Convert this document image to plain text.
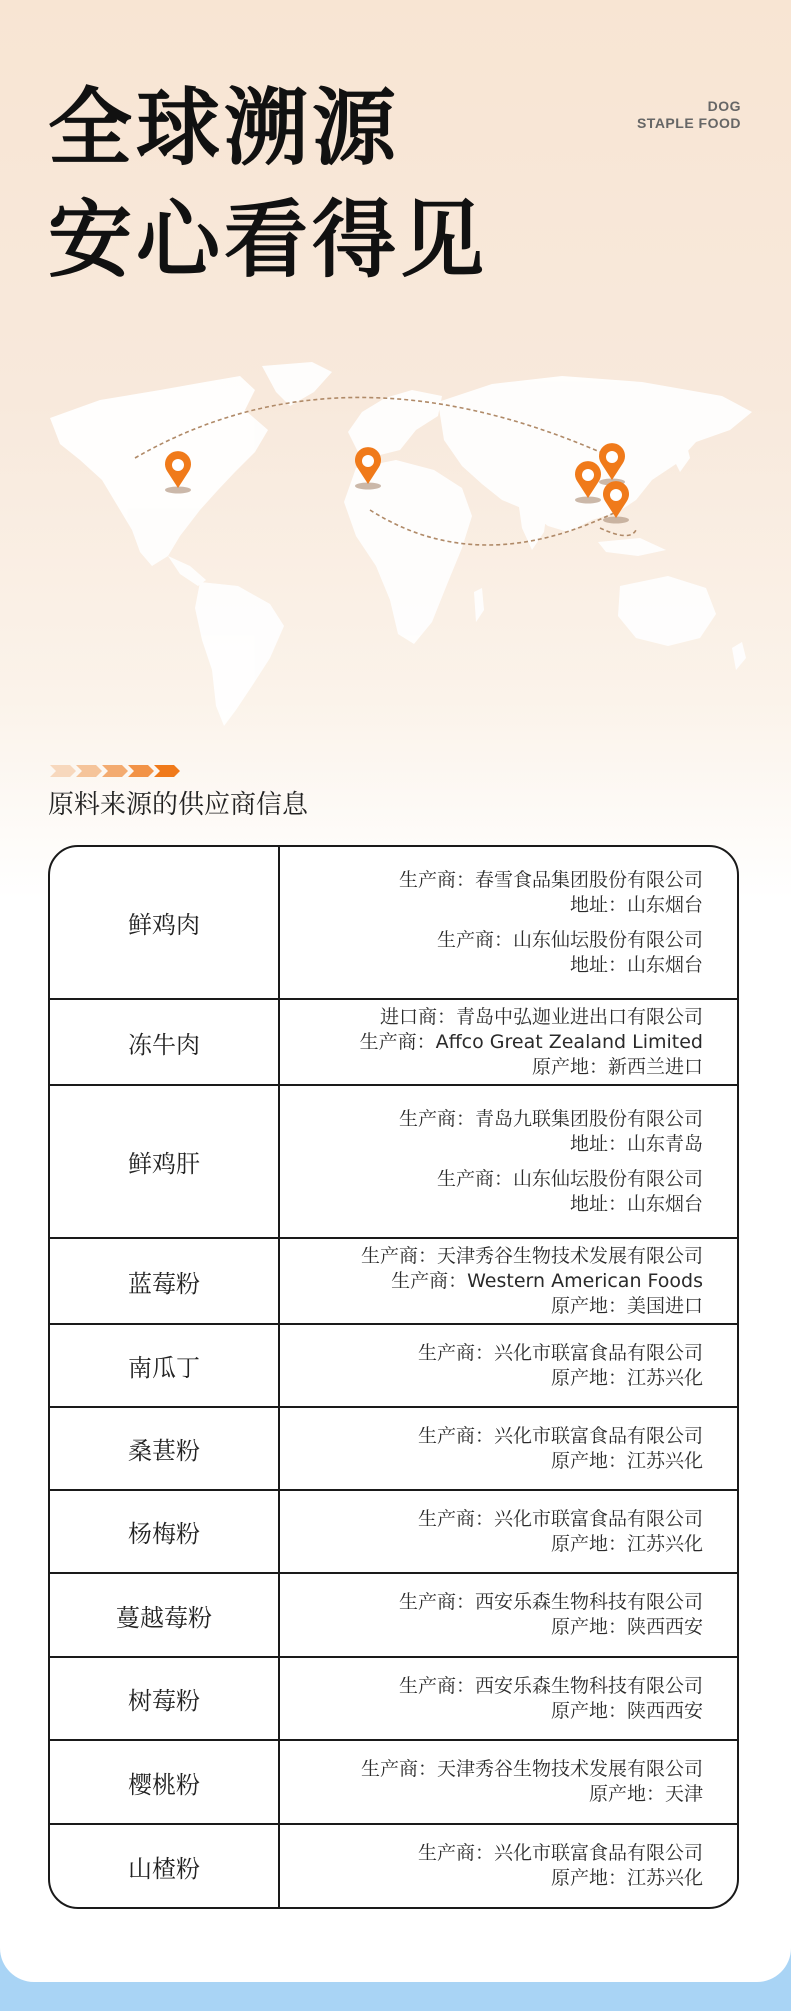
全球溯源
安心看得见
DOG
STAPLE FOOD
原料来源的供应商信息
鲜鸡肉
生产商：春雪食品集团股份有限公司
地址：山东烟台
生产商：山东仙坛股份有限公司
地址：山东烟台
冻牛肉
进口商：青岛中弘迦业进出口有限公司
生产商：Affco Great Zealand Limited
原产地：新西兰进口
鲜鸡肝
生产商：青岛九联集团股份有限公司
地址：山东青岛
生产商：山东仙坛股份有限公司
地址：山东烟台
蓝莓粉
生产商：天津秀谷生物技术发展有限公司
生产商：Western American Foods
原产地：美国进口
南瓜丁
生产商：兴化市联富食品有限公司
原产地：江苏兴化
桑葚粉
生产商：兴化市联富食品有限公司
原产地：江苏兴化
杨梅粉
生产商：兴化市联富食品有限公司
原产地：江苏兴化
蔓越莓粉
生产商：西安乐森生物科技有限公司
原产地：陕西西安
树莓粉
生产商：西安乐森生物科技有限公司
原产地：陕西西安
樱桃粉
生产商：天津秀谷生物技术发展有限公司
原产地：天津
山楂粉
生产商：兴化市联富食品有限公司
原产地：江苏兴化
